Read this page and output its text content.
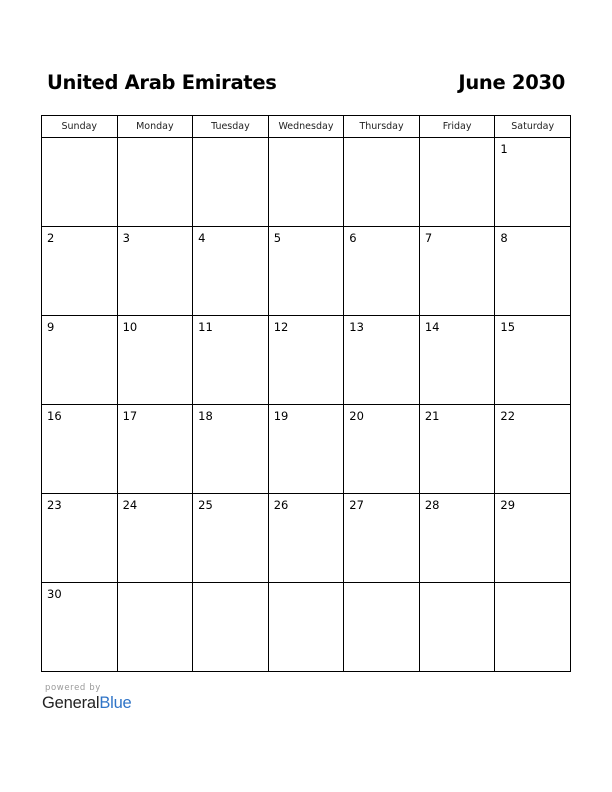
United Arab Emirates	June 2030
Sunday	Monday	Tuesday	Wednesday	Thursday	Friday	Saturday

						1

2	3	4	5	6	7	8

9	10	11	12	13	14	15

16	17	18	19	20	21	22

23	24	25	26	27	28	29

30						

powered by
GeneralBlue
